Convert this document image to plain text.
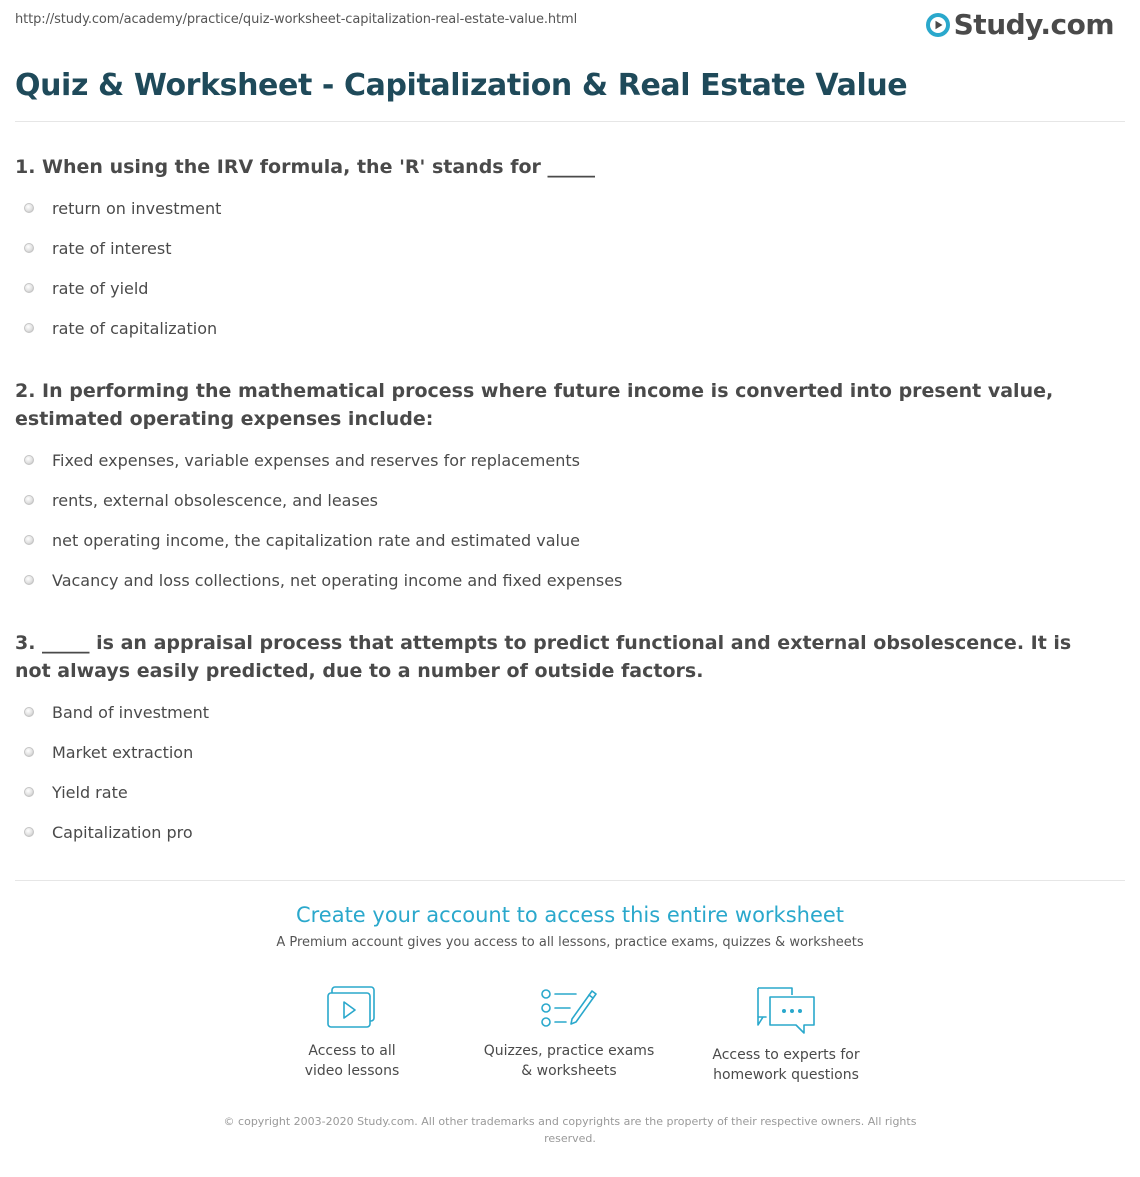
http://study.com/academy/practice/quiz-worksheet-capitalization-real-estate-value.html	Study.com
Quiz & Worksheet - Capitalization & Real Estate Value

1. When using the IRV formula, the 'R' stands for _____

return on investment
rate of interest
rate of yield
rate of capitalization

2. In performing the mathematical process where future income is converted into present value, estimated operating expenses include:

Fixed expenses, variable expenses and reserves for replacements
rents, external obsolescence, and leases
net operating income, the capitalization rate and estimated value
Vacancy and loss collections, net operating income and fixed expenses

3. _____ is an appraisal process that attempts to predict functional and external obsolescence. It is not always easily predicted, due to a number of outside factors.

Band of investment
Market extraction
Yield rate
Capitalization pro
Create your account to access this entire worksheet
A Premium account gives you access to all lessons, practice exams, quizzes & worksheets
Access to all
video lessons
Quizzes, practice exams
& worksheets
Access to experts for
homework questions
© copyright 2003-2020 Study.com. All other trademarks and copyrights are the property of their respective owners. All rights reserved.
